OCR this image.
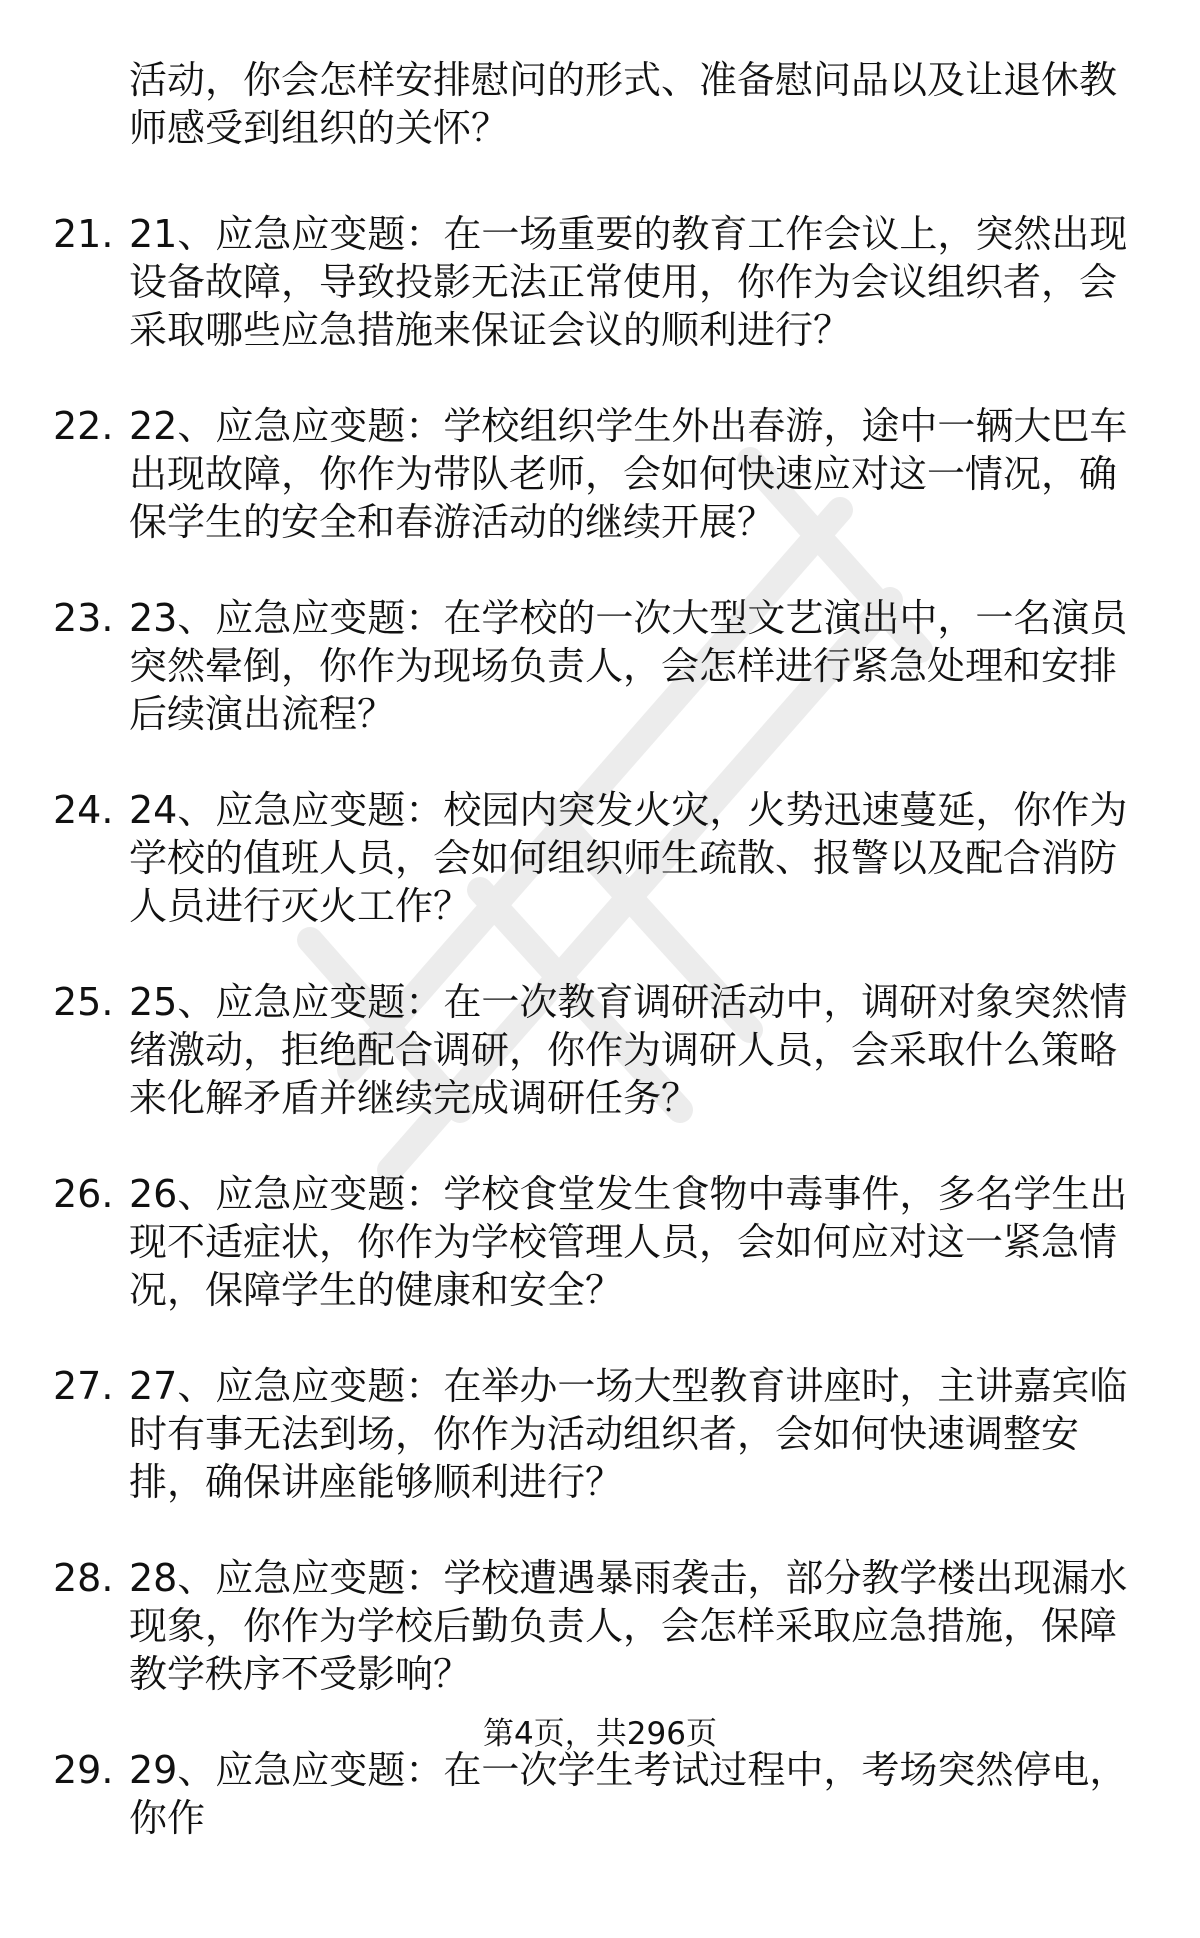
活动，你会怎样安排慰问的形式、准备慰问品以及让退休教师感受到组织的关怀？

21. 21、应急应变题：在一场重要的教育工作会议上，突然出现设备故障，导致投影无法正常使用，你作为会议组织者，会采取哪些应急措施来保证会议的顺利进行？

22. 22、应急应变题：学校组织学生外出春游，途中一辆大巴车出现故障，你作为带队老师，会如何快速应对这一情况，确保学生的安全和春游活动的继续开展？

23. 23、应急应变题：在学校的一次大型文艺演出中，一名演员突然晕倒，你作为现场负责人，会怎样进行紧急处理和安排后续演出流程？

24. 24、应急应变题：校园内突发火灾，火势迅速蔓延，你作为学校的值班人员，会如何组织师生疏散、报警以及配合消防人员进行灭火工作？

25. 25、应急应变题：在一次教育调研活动中，调研对象突然情绪激动，拒绝配合调研，你作为调研人员，会采取什么策略来化解矛盾并继续完成调研任务？

26. 26、应急应变题：学校食堂发生食物中毒事件，多名学生出现不适症状，你作为学校管理人员，会如何应对这一紧急情况，保障学生的健康和安全？

27. 27、应急应变题：在举办一场大型教育讲座时，主讲嘉宾临时有事无法到场，你作为活动组织者，会如何快速调整安排，确保讲座能够顺利进行？

28. 28、应急应变题：学校遭遇暴雨袭击，部分教学楼出现漏水现象，你作为学校后勤负责人，会怎样采取应急措施，保障教学秩序不受影响？

29. 29、应急应变题：在一次学生考试过程中，考场突然停电，你作

第4页，共296页
